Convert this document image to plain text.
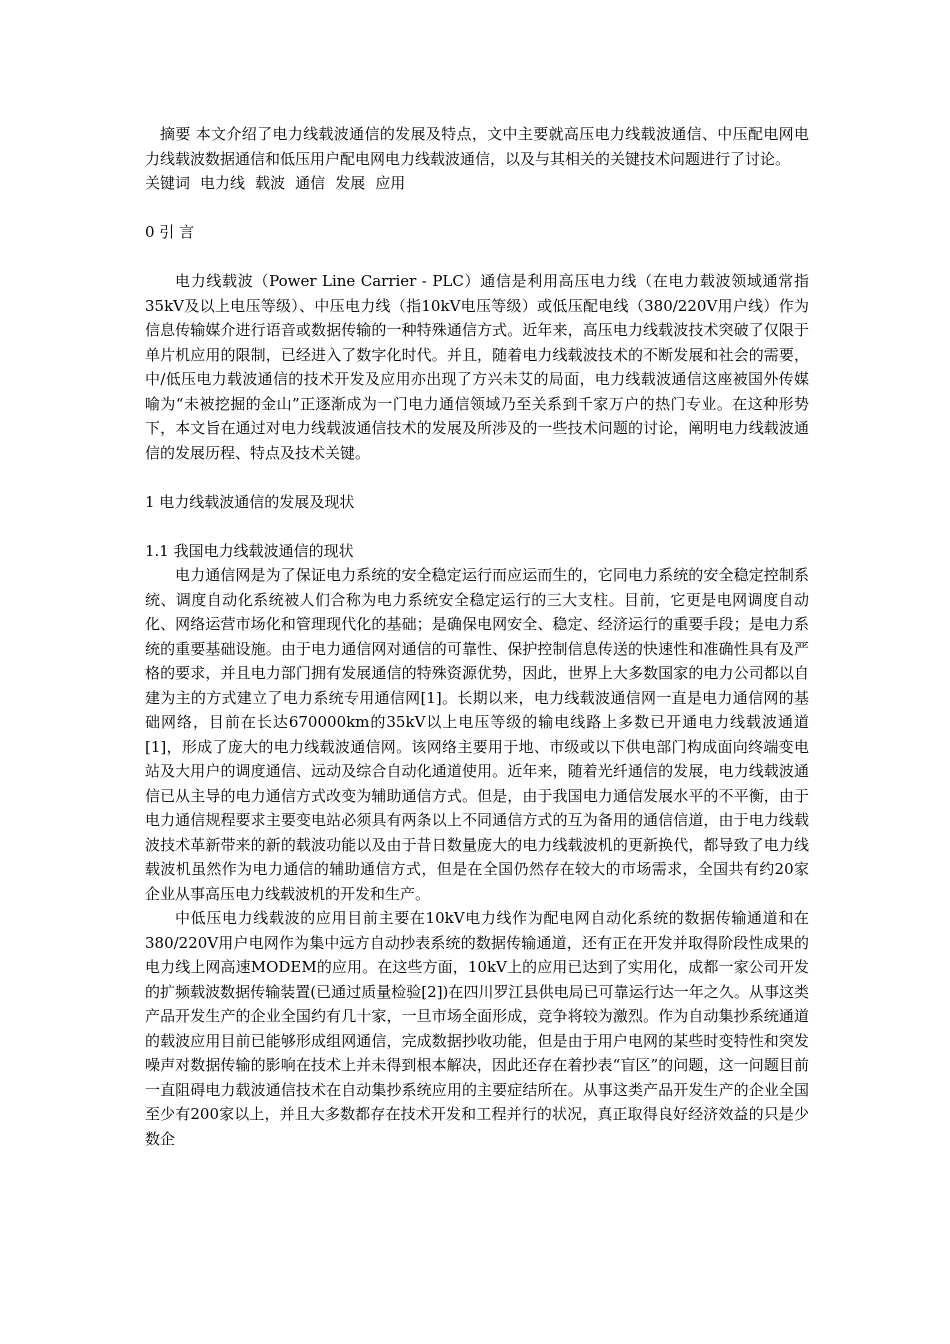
摘要 本文介绍了电力线载波通信的发展及特点，文中主要就高压电力线载波通信、中压配电网电力线载波数据通信和低压用户配电网电力线载波通信，以及与其相关的关键技术问题进行了讨论。

关键词 电力线 载波 通信 发展 应用

0 引 言

电力线载波（Power Line Carrier - PLC）通信是利用高压电力线（在电力载波领域通常指35kV及以上电压等级）、中压电力线（指10kV电压等级）或低压配电线（380/220V用户线）作为信息传输媒介进行语音或数据传输的一种特殊通信方式。近年来，高压电力线载波技术突破了仅限于单片机应用的限制，已经进入了数字化时代。并且，随着电力线载波技术的不断发展和社会的需要，中/低压电力载波通信的技术开发及应用亦出现了方兴未艾的局面，电力线载波通信这座被国外传媒喻为“未被挖掘的金山”正逐渐成为一门电力通信领域乃至关系到千家万户的热门专业。在这种形势下，本文旨在通过对电力线载波通信技术的发展及所涉及的一些技术问题的讨论，阐明电力线载波通信的发展历程、特点及技术关键。

1 电力线载波通信的发展及现状

1.1 我国电力线载波通信的现状

电力通信网是为了保证电力系统的安全稳定运行而应运而生的，它同电力系统的安全稳定控制系统、调度自动化系统被人们合称为电力系统安全稳定运行的三大支柱。目前，它更是电网调度自动化、网络运营市场化和管理现代化的基础；是确保电网安全、稳定、经济运行的重要手段；是电力系统的重要基础设施。由于电力通信网对通信的可靠性、保护控制信息传送的快速性和准确性具有及严格的要求，并且电力部门拥有发展通信的特殊资源优势，因此，世界上大多数国家的电力公司都以自建为主的方式建立了电力系统专用通信网[1]。长期以来，电力线载波通信网一直是电力通信网的基础网络，目前在长达670000km的35kV以上电压等级的输电线路上多数已开通电力线载波通道[1]，形成了庞大的电力线载波通信网。该网络主要用于地、市级或以下供电部门构成面向终端变电站及大用户的调度通信、远动及综合自动化通道使用。近年来，随着光纤通信的发展，电力线载波通信已从主导的电力通信方式改变为辅助通信方式。但是，由于我国电力通信发展水平的不平衡，由于电力通信规程要求主要变电站必须具有两条以上不同通信方式的互为备用的通信信道，由于电力线载波技术革新带来的新的载波功能以及由于昔日数量庞大的电力线载波机的更新换代，都导致了电力线载波机虽然作为电力通信的辅助通信方式，但是在全国仍然存在较大的市场需求，全国共有约20家企业从事高压电力线载波机的开发和生产。

中低压电力线载波的应用目前主要在10kV电力线作为配电网自动化系统的数据传输通道和在380/220V用户电网作为集中远方自动抄表系统的数据传输通道，还有正在开发并取得阶段性成果的电力线上网高速MODEM的应用。在这些方面，10kV上的应用已达到了实用化，成都一家公司开发的扩频载波数据传输装置(已通过质量检验[2])在四川罗江县供电局已可靠运行达一年之久。从事这类产品开发生产的企业全国约有几十家，一旦市场全面形成，竞争将较为激烈。作为自动集抄系统通道的载波应用目前已能够形成组网通信，完成数据抄收功能，但是由于用户电网的某些时变特性和突发噪声对数据传输的影响在技术上并未得到根本解决，因此还存在着抄表“盲区”的问题，这一问题目前一直阻碍电力载波通信技术在自动集抄系统应用的主要症结所在。从事这类产品开发生产的企业全国至少有200家以上，并且大多数都存在技术开发和工程并行的状况，真正取得良好经济效益的只是少数企
